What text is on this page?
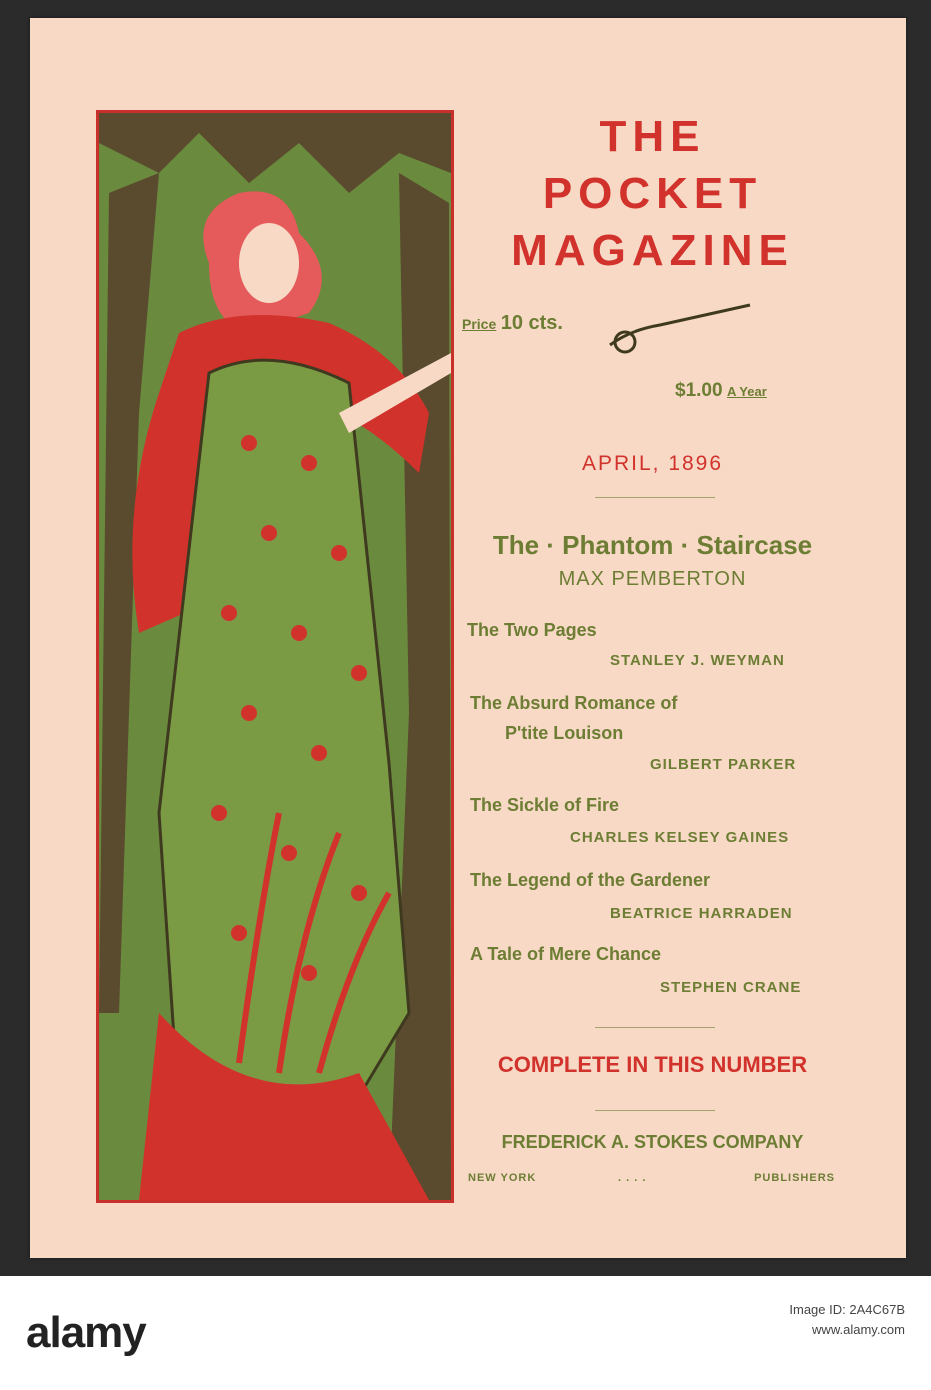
THE
POCKET
MAGAZINE
Price 10 cts.
$1.00 A Year
APRIL, 1896
The · Phantom · Staircase
MAX PEMBERTON
The Two Pages
STANLEY J. WEYMAN
The Absurd Romance of
P'tite Louison
GILBERT PARKER
The Sickle of Fire
CHARLES KELSEY GAINES
The Legend of the Gardener
BEATRICE HARRADEN
A Tale of Mere Chance
STEPHEN CRANE
COMPLETE IN THIS NUMBER
FREDERICK A. STOKES COMPANY
NEW YORK	. . . .	PUBLISHERS
alamy	Image ID: 2A4C67B
www.alamy.com
